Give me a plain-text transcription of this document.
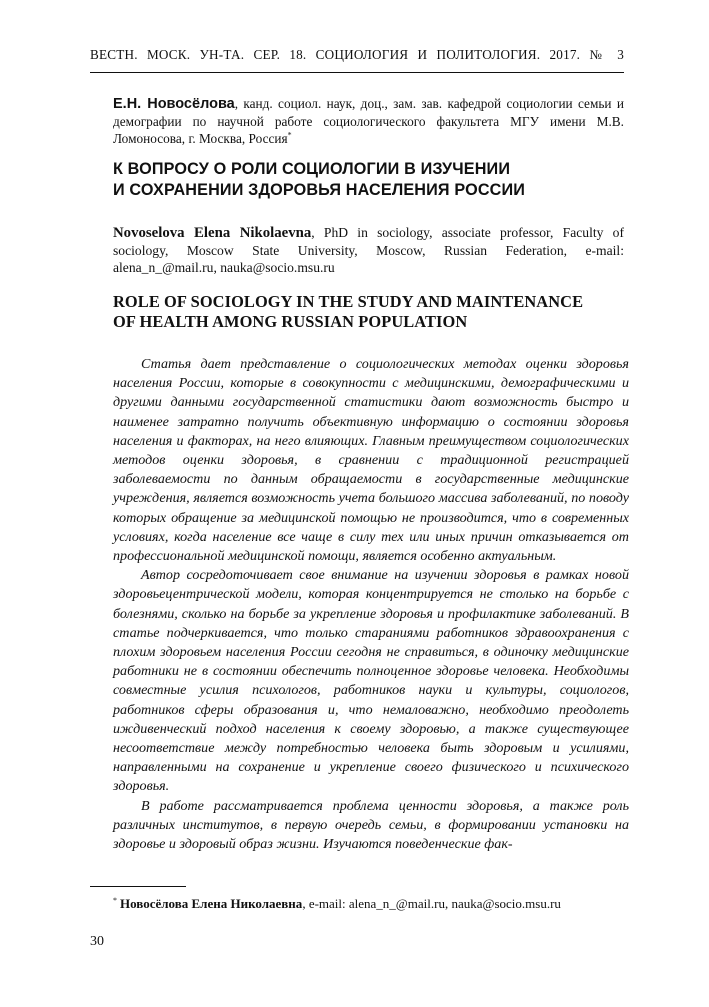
ВЕСТН. МОСК. УН-ТА. СЕР. 18. СОЦИОЛОГИЯ И ПОЛИТОЛОГИЯ. 2017. № 3
Е.Н. Новосёлова, канд. социол. наук, доц., зам. зав. кафедрой социологии семьи и демографии по научной работе социологического факультета МГУ имени М.В. Ломоносова, г. Москва, Россия*
К ВОПРОСУ О РОЛИ СОЦИОЛОГИИ В ИЗУЧЕНИИ
И СОХРАНЕНИИ ЗДОРОВЬЯ НАСЕЛЕНИЯ РОССИИ
Novoselova Elena Nikolaevna, PhD in sociology, associate professor, Faculty of sociology, Moscow State University, Moscow, Russian Federation, e-mail: alena_n_@mail.ru, nauka@socio.msu.ru
ROLE OF SOCIOLOGY IN THE STUDY AND MAINTENANCE
OF HEALTH AMONG RUSSIAN POPULATION

Статья дает представление о социологических методах оценки здоровья населения России, которые в совокупности с медицинскими, демографическими и другими данными государственной статистики дают возможность быстро и наименее затратно получить объективную информацию о состоянии здоровья населения и факторах, на него влияющих. Главным преимуществом социологических методов оценки здоровья, в сравнении с традиционной регистрацией заболеваемости по данным обращаемости в государственные медицинские учреждения, является возможность учета большого массива заболеваний, по поводу которых обращение за медицинской помощью не производится, что в современных условиях, когда население все чаще в силу тех или иных причин отказывается от профессиональной медицинской помощи, является особенно актуальным.

Автор сосредоточивает свое внимание на изучении здоровья в рамках новой здоровьецентрической модели, которая концентрируется не столько на борьбе с болезнями, сколько на борьбе за укрепление здоровья и профилактике заболеваний. В статье подчеркивается, что только стараниями работников здравоохранения с плохим здоровьем населения России сегодня не справиться, в одиночку медицинские работники не в состоянии обеспечить полноценное здоровье человека. Необходимы совместные усилия психологов, работников науки и культуры, социологов, работников сферы образования и, что немаловажно, необходимо преодолеть иждивенческий подход населения к своему здоровью, а также существующее несоответствие между потребностью человека быть здоровым и усилиями, направленными на сохранение и укрепление своего физического и психического здоровья.

В работе рассматривается проблема ценности здоровья, а также роль различных институтов, в первую очередь семьи, в формировании установки на здоровье и здоровый образ жизни. Изучаются поведенческие фак-

* Новосёлова Елена Николаевна, e-mail: alena_n_@mail.ru, nauka@socio.msu.ru
30
